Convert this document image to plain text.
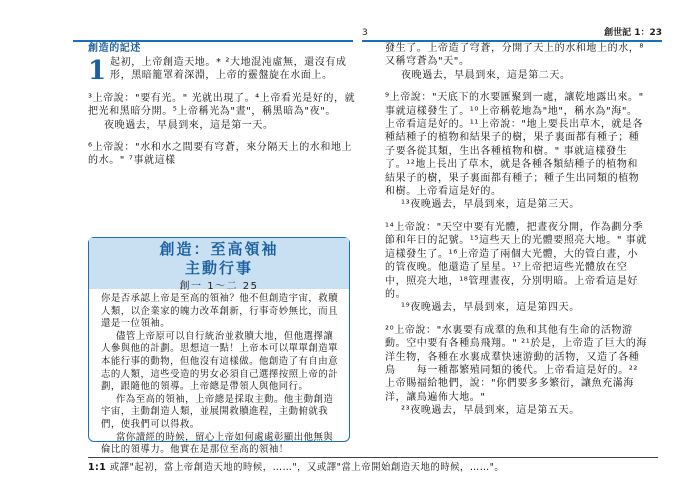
3	創世記 1：23
創造的記述
1 起初，上帝創造天地。* ²大地混沌虛無，還沒有成形，黑暗籠罩着深淵，上帝的靈盤旋在水面上。

³上帝說："要有光。" 光就出現了。⁴上帝看光是好的，就把光和黑暗分開。⁵上帝稱光為"晝"，稱黑暗為"夜"。

夜晚過去，早晨到來，這是第一天。

⁶上帝說："水和水之間要有穹蒼，來分隔天上的水和地上的水。" ⁷事就這樣

創造：至高領袖
主動行事
創一 1～二 25

你是否承認上帝是至高的領袖？他不但創造宇宙，救贖人類，以企業家的魄力改革創新，行事奇妙無比，而且還是一位領袖。

儘管上帝原可以自行統治並救贖大地，但他選擇讓人參與他的計劃。思想這一點！上帝本可以單單創造單本能行事的動物，但他沒有這樣做。他創造了有自由意志的人類，這些受造的男女必須自己選擇按照上帝的計劃，跟隨他的領導。上帝總是帶領人與他同行。

作為至高的領袖，上帝總是採取主動。他主動創造宇宙，主動創造人類，並展開救贖進程，主動俯就我們，使我們可以得救。

當你讀經的時候，留心上帝如何處處彰顯出他無與倫比的領導力。他實在是那位至高的領袖！

發生了。上帝造了穹蒼，分開了天上的水和地上的水，⁸又稱穹蒼為"天"。

夜晚過去，早晨到來，這是第二天。

⁹上帝說："天底下的水要匯聚到一處，讓乾地露出來。" 事就這樣發生了。¹⁰上帝稱乾地為"地"，稱水為"海"。上帝看這是好的。¹¹上帝說："地上要長出草木，就是各種結種子的植物和結果子的樹，果子裏面都有種子；種子要各從其類，生出各種植物和樹。" 事就這樣發生了。¹²地上長出了草木，就是各種各類結種子的植物和結果子的樹，果子裏面都有種子；種子生出同類的植物和樹。上帝看這是好的。

¹³夜晚過去，早晨到來，這是第三天。

¹⁴上帝說："天空中要有光體，把晝夜分開，作為劃分季節和年日的記號。¹⁵這些天上的光體要照亮大地。" 事就這樣發生了。¹⁶上帝造了兩個大光體，大的管白晝，小的管夜晚。他還造了星星。¹⁷上帝把這些光體放在空中，照亮大地，¹⁸管理晝夜，分別明暗。上帝看這是好的。

¹⁹夜晚過去，早晨到來，這是第四天。

²⁰上帝說："水裏要有成羣的魚和其他有生命的活物游動。空中要有各種鳥飛翔。" ²¹於是，上帝造了巨大的海洋生物，各種在水裏成羣快速游動的活物，又造了各種鳥　　每一種都繁殖同類的後代。上帝看這是好的。²²上帝賜福給牠們，說："你們要多多繁衍，讓魚充滿海洋，讓鳥遍佈大地。"

²³夜晚過去，早晨到來，這是第五天。

1:1 或譯"起初，當上帝創造天地的時候，……"，又或譯"當上帝開始創造天地的時候，……"。
